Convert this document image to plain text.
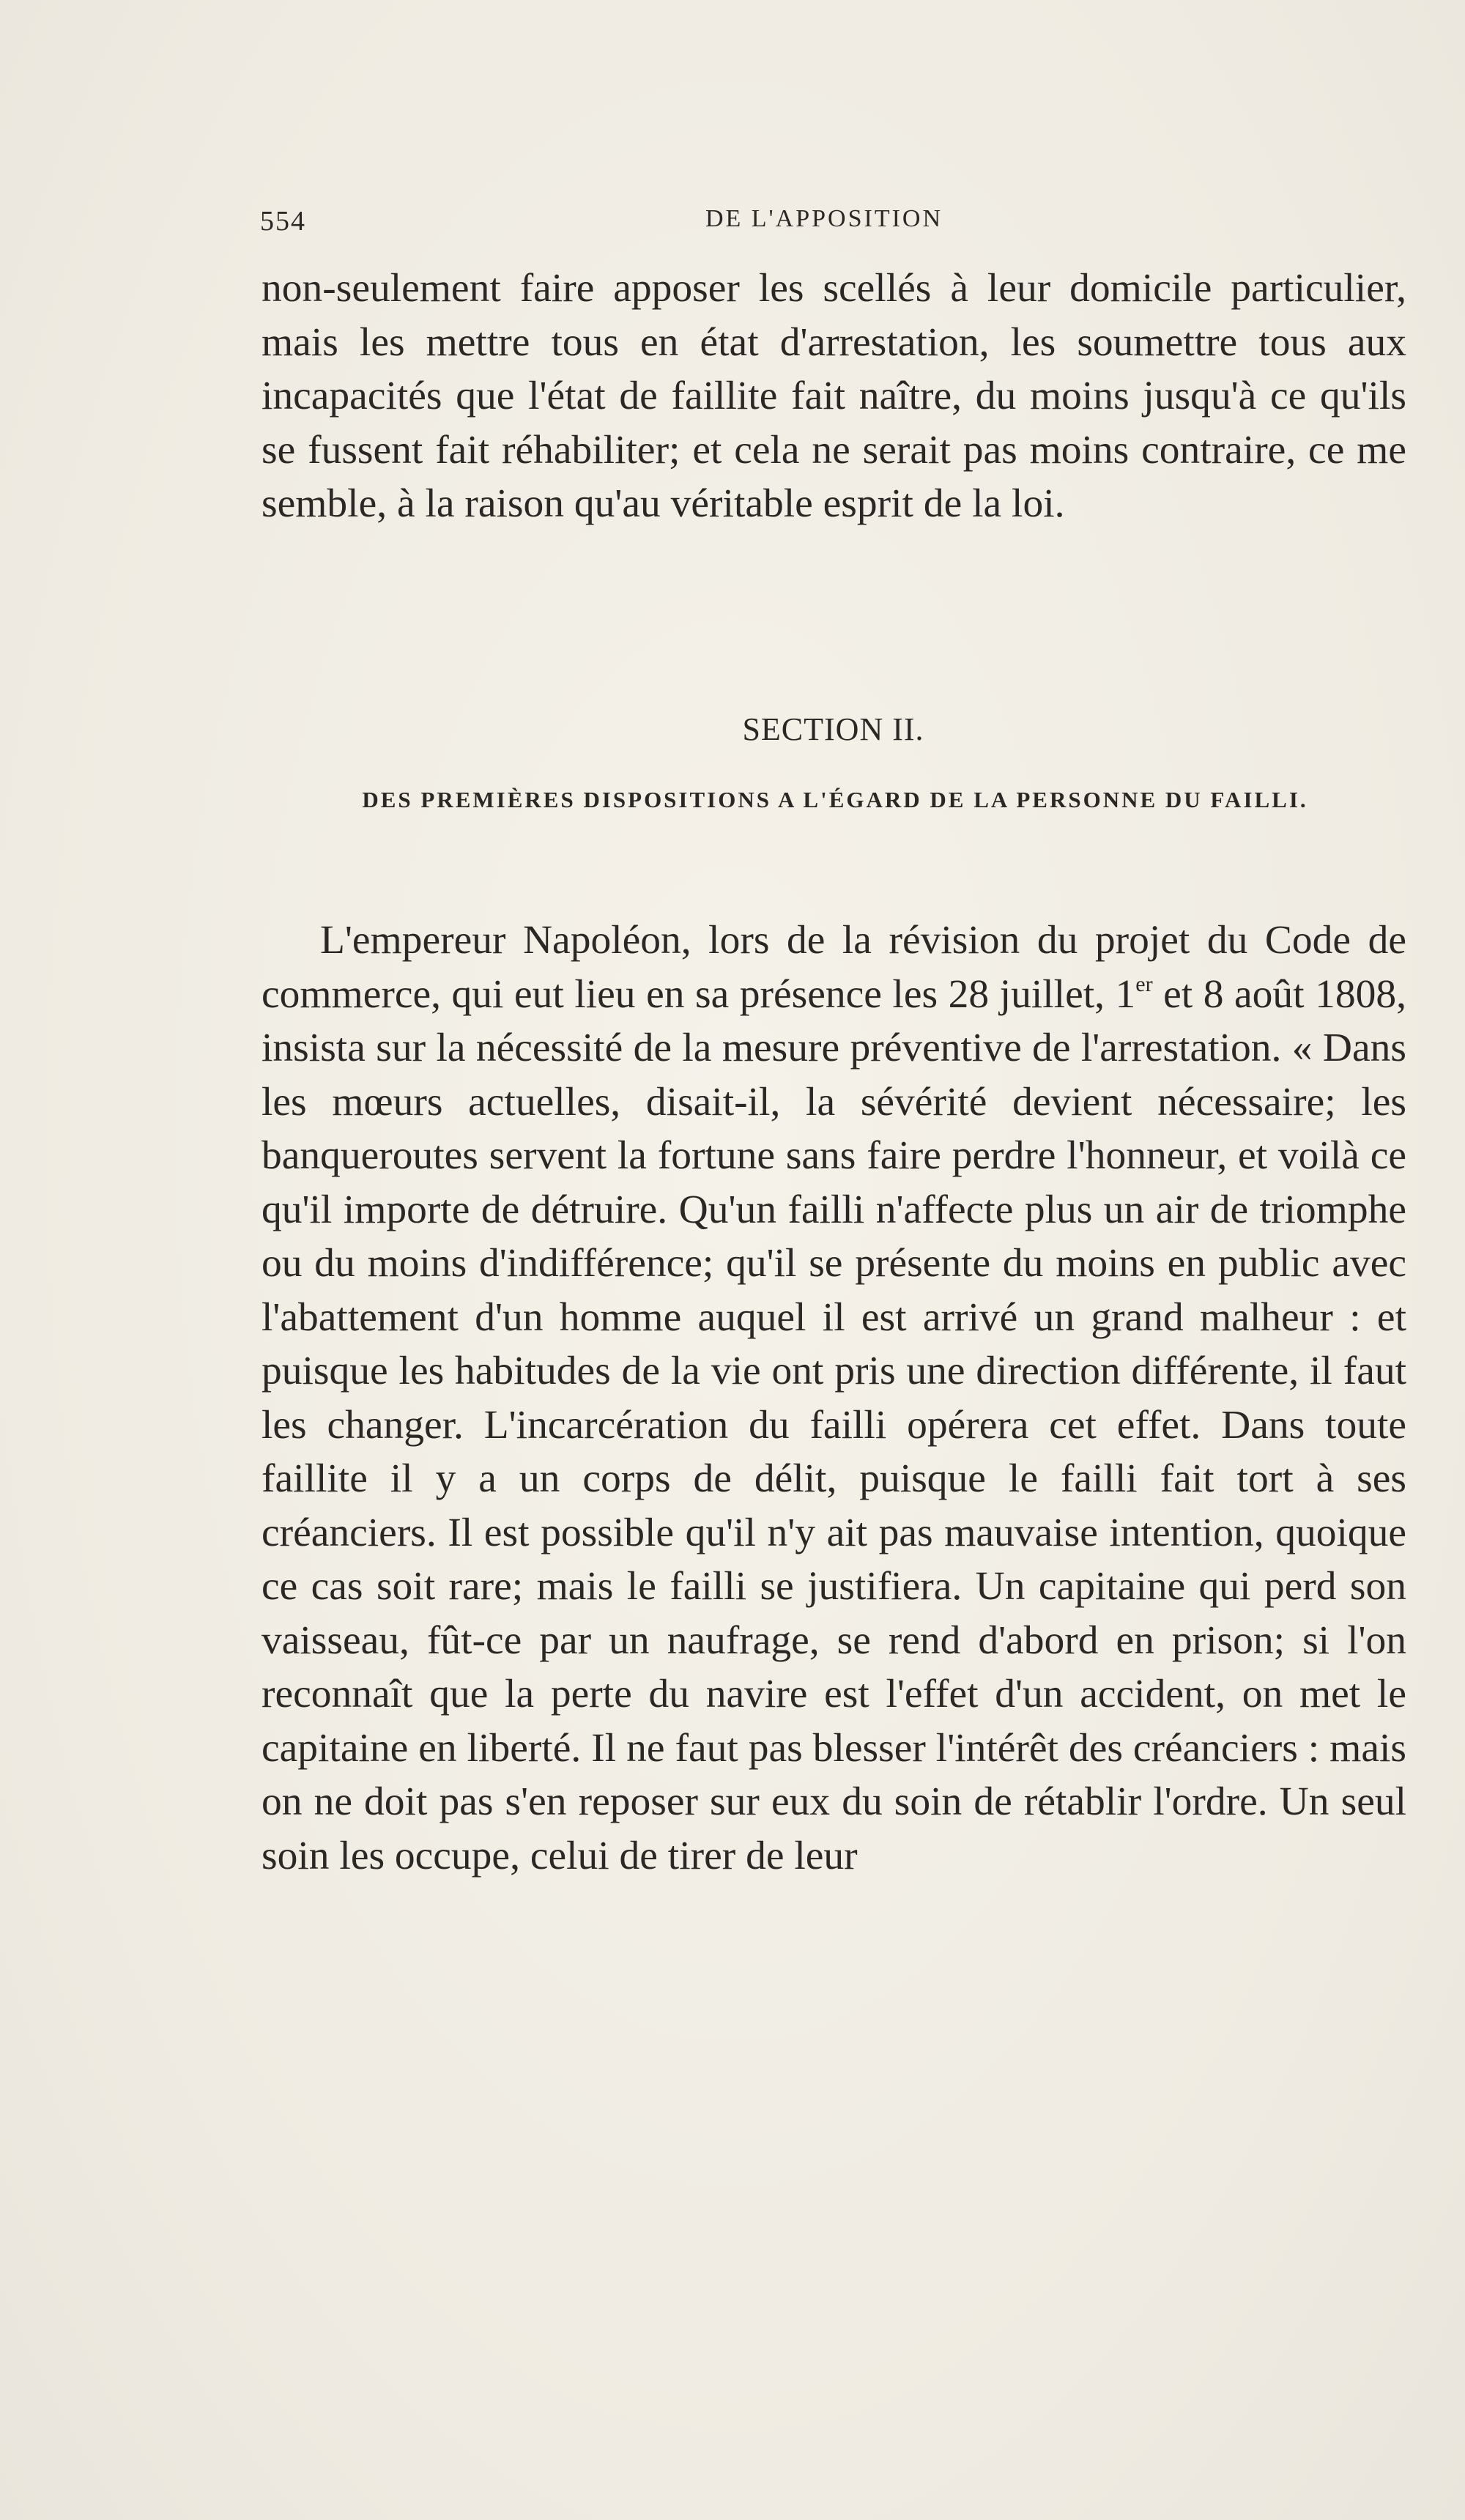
554	DE L'APPOSITION

non-seulement faire apposer les scellés à leur domicile particulier, mais les mettre tous en état d'arrestation, les soumettre tous aux incapacités que l'état de faillite fait naître, du moins jusqu'à ce qu'ils se fussent fait réhabiliter; et cela ne serait pas moins contraire, ce me semble, à la raison qu'au véritable esprit de la loi.

SECTION II.
DES PREMIÈRES DISPOSITIONS A L'ÉGARD DE LA PERSONNE DU FAILLI.

L'empereur Napoléon, lors de la révision du projet du Code de commerce, qui eut lieu en sa présence les 28 juillet, 1er et 8 août 1808, insista sur la nécessité de la mesure préventive de l'arrestation. « Dans les mœurs actuelles, disait-il, la sévérité devient nécessaire; les banqueroutes servent la fortune sans faire perdre l'honneur, et voilà ce qu'il importe de détruire. Qu'un failli n'affecte plus un air de triomphe ou du moins d'indifférence; qu'il se présente du moins en public avec l'abattement d'un homme auquel il est arrivé un grand malheur : et puisque les habitudes de la vie ont pris une direction différente, il faut les changer. L'incarcération du failli opérera cet effet. Dans toute faillite il y a un corps de délit, puisque le failli fait tort à ses créanciers. Il est possible qu'il n'y ait pas mauvaise intention, quoique ce cas soit rare; mais le failli se justifiera. Un capitaine qui perd son vaisseau, fût-ce par un naufrage, se rend d'abord en prison; si l'on reconnaît que la perte du navire est l'effet d'un accident, on met le capitaine en liberté. Il ne faut pas blesser l'intérêt des créanciers : mais on ne doit pas s'en reposer sur eux du soin de rétablir l'ordre. Un seul soin les occupe, celui de tirer de leur
